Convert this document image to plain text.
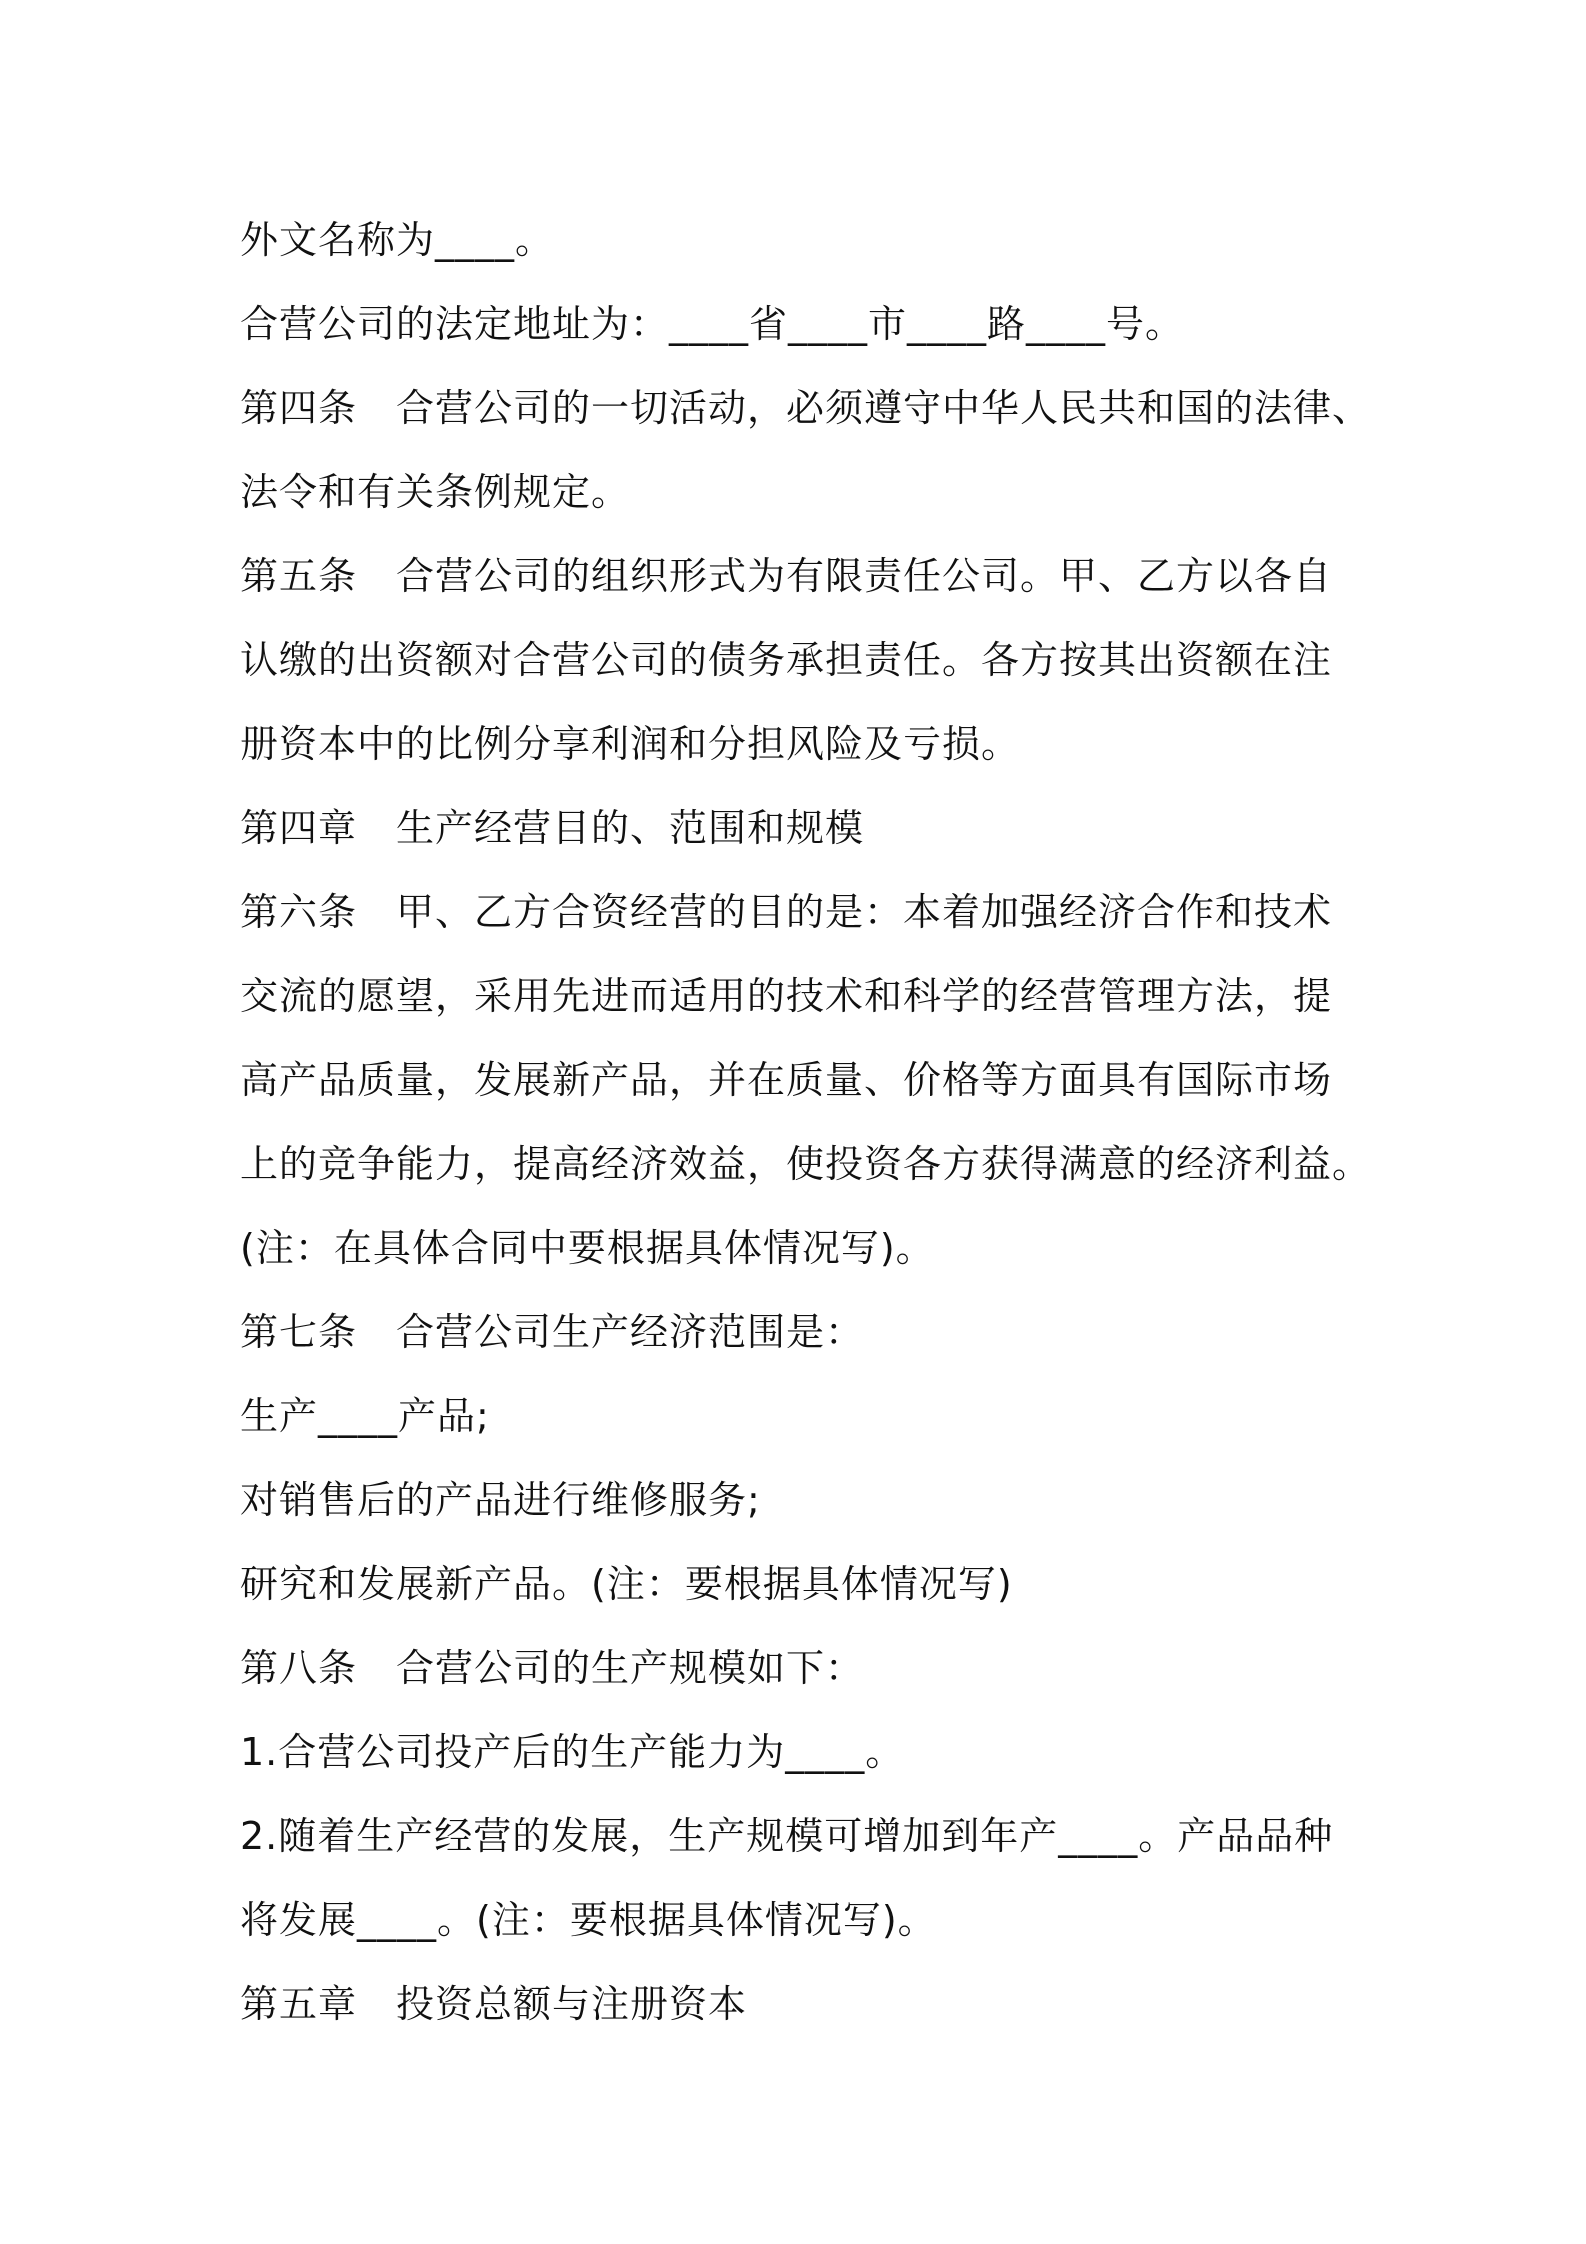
外文名称为____。
合营公司的法定地址为：____省____市____路____号。
第四条　合营公司的一切活动，必须遵守中华人民共和国的法律、
法令和有关条例规定。
第五条　合营公司的组织形式为有限责任公司。甲、乙方以各自
认缴的出资额对合营公司的债务承担责任。各方按其出资额在注
册资本中的比例分享利润和分担风险及亏损。
第四章　生产经营目的、范围和规模
第六条　甲、乙方合资经营的目的是：本着加强经济合作和技术
交流的愿望，采用先进而适用的技术和科学的经营管理方法，提
高产品质量，发展新产品，并在质量、价格等方面具有国际市场
上的竞争能力，提高经济效益，使投资各方获得满意的经济利益。
(注：在具体合同中要根据具体情况写)。
第七条　合营公司生产经济范围是：
生产____产品;
对销售后的产品进行维修服务;
研究和发展新产品。(注：要根据具体情况写)
第八条　合营公司的生产规模如下：
1.合营公司投产后的生产能力为____。
2.随着生产经营的发展，生产规模可增加到年产____。产品品种
将发展____。(注：要根据具体情况写)。
第五章　投资总额与注册资本
